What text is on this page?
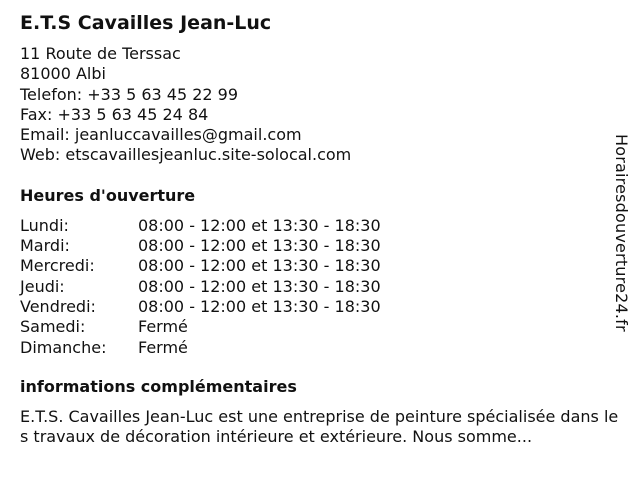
E.T.S Cavailles Jean-Luc
11 Route de Terssac
81000 Albi
Telefon: +33 5 63 45 22 99
Fax: +33 5 63 45 24 84
Email: jeanluccavailles@gmail.com
Web: etscavaillesjeanluc.site-solocal.com
Heures d'ouverture
Lundi:	08:00 - 12:00 et 13:30 - 18:30
Mardi:	08:00 - 12:00 et 13:30 - 18:30
Mercredi:	08:00 - 12:00 et 13:30 - 18:30
Jeudi:	08:00 - 12:00 et 13:30 - 18:30
Vendredi:	08:00 - 12:00 et 13:30 - 18:30
Samedi:	Fermé
Dimanche:	Fermé
informations complémentaires
E.T.S. Cavailles Jean-Luc est une entreprise de peinture spécialisée dans les travaux de décoration intérieure et extérieure. Nous somme...
Horairesdouverture24.fr
